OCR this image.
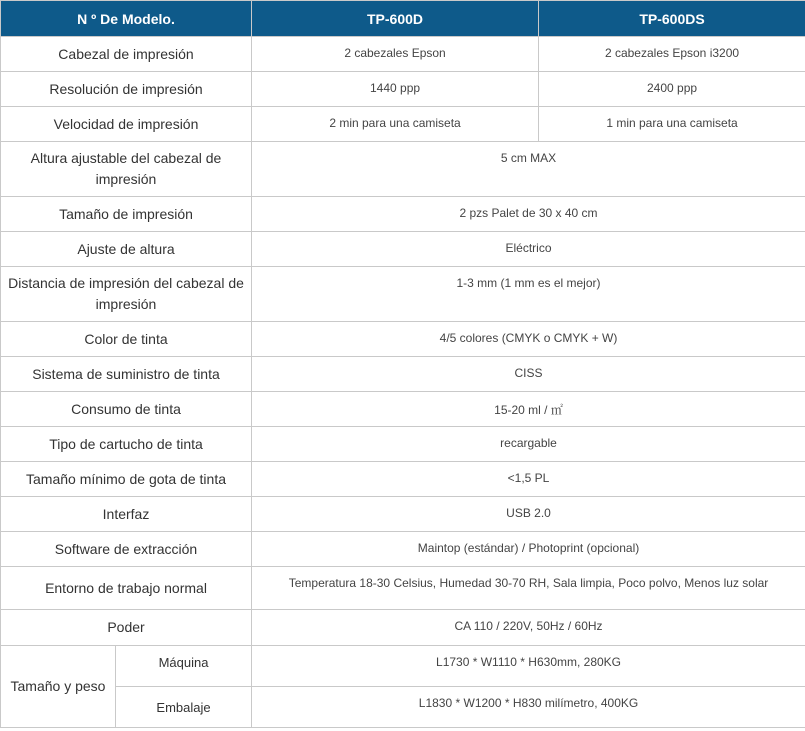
N º De Modelo.		TP-600D	TP-600DS
Cabezal de impresión		2 cabezales Epson	2 cabezales Epson i3200
Resolución de impresión		1440 ppp	2400 ppp
Velocidad de impresión		2 min para una camiseta	1 min para una camiseta
Altura ajustable del cabezal de impresión		5 cm MAX	
Tamaño de impresión		2 pzs Palet de 30 x 40 cm	
Ajuste de altura		Eléctrico	
Distancia de impresión del cabezal de impresión		1-3 mm (1 mm es el mejor)	
Color de tinta		4/5 colores (CMYK o CMYK + W)	
Sistema de suministro de tinta		CISS	
Consumo de tinta		15-20 ml / ㎡	
Tipo de cartucho de tinta		recargable	
Tamaño mínimo de gota de tinta		<1,5 PL	
Interfaz		USB 2.0	
Software de extracción		Maintop (estándar) / Photoprint (opcional)	
Entorno de trabajo normal		Temperatura 18-30 Celsius, Humedad 30-70 RH, Sala limpia, Poco polvo, Menos luz solar	
Poder		CA 110 / 220V, 50Hz / 60Hz	
Tamaño y peso	Máquina	L1730 * W1110 * H630mm, 280KG	
	Embalaje	L1830 * W1200 * H830 milímetro, 400KG	
